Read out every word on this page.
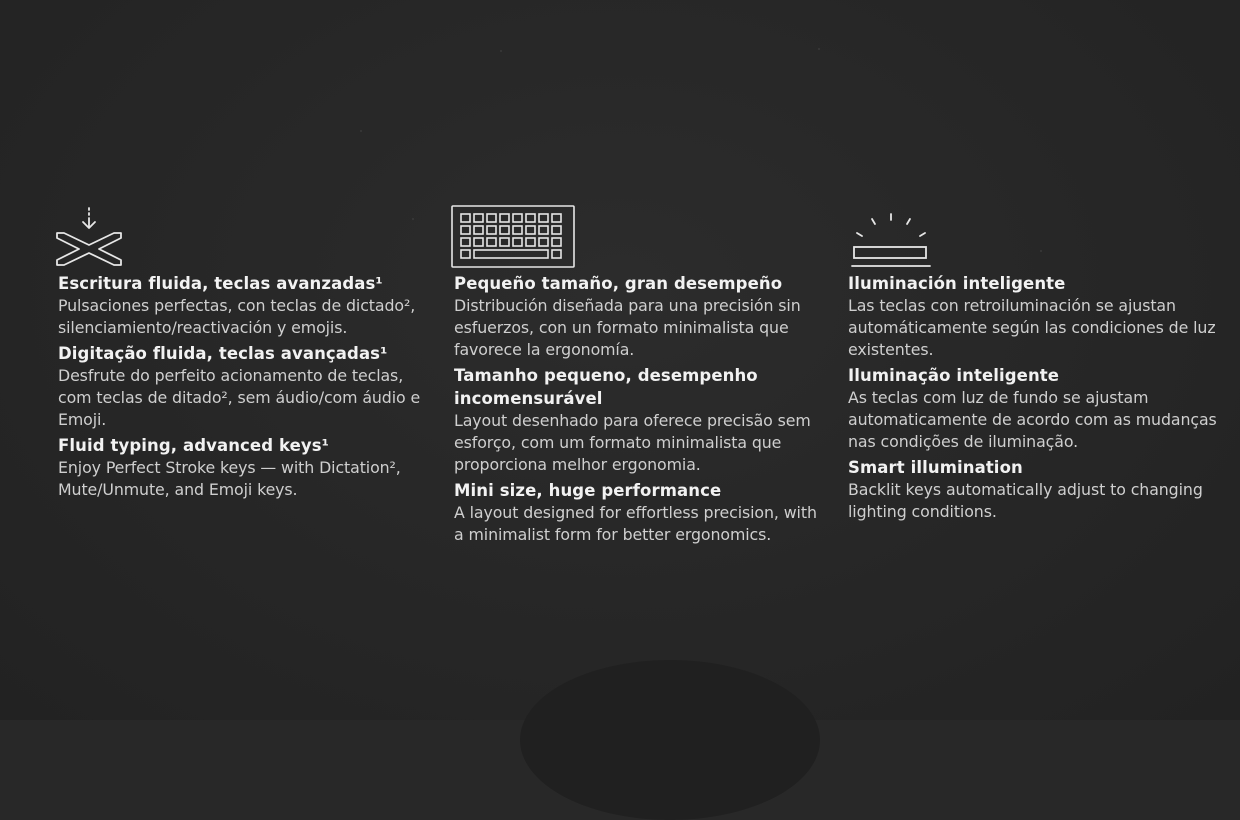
Escritura fluida, teclas avanzadas¹

Pulsaciones perfectas, con teclas de dictado², silenciamiento/reactivación y emojis.

Digitação fluida, teclas avançadas¹

Desfrute do perfeito acionamento de teclas, com teclas de ditado², sem áudio/com áudio e Emoji.

Fluid typing, advanced keys¹

Enjoy Perfect Stroke keys — with Dictation², Mute/Unmute, and Emoji keys.

Pequeño tamaño, gran desempeño

Distribución diseñada para una precisión sin esfuerzos, con un formato minimalista que favorece la ergonomía.

Tamanho pequeno, desempenho incomensurável

Layout desenhado para oferece precisão sem esforço, com um formato minimalista que proporciona melhor ergonomia.

Mini size, huge performance

A layout designed for effortless precision, with a minimalist form for better ergonomics.

Iluminación inteligente

Las teclas con retroiluminación se ajustan automáticamente según las condiciones de luz existentes.

Iluminação inteligente

As teclas com luz de fundo se ajustam automaticamente de acordo com as mudanças nas condições de iluminação.

Smart illumination

Backlit keys automatically adjust to changing lighting conditions.
